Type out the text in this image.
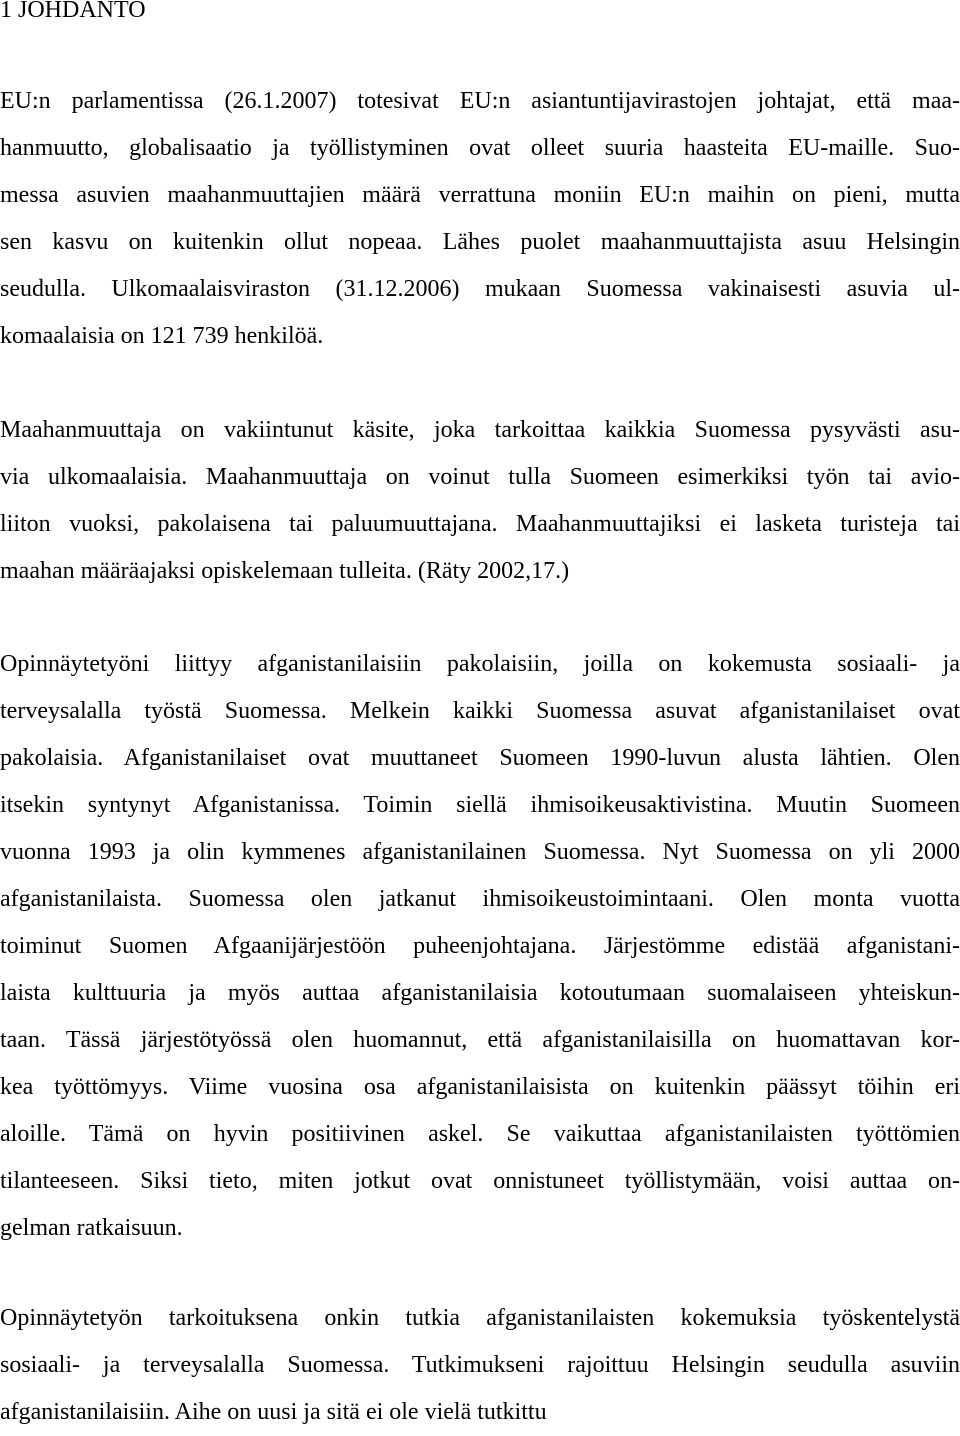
1 JOHDANTO
EU:n parlamentissa (26.1.2007) totesivat EU:n asiantuntijavirastojen johtajat, että maa-
hanmuutto, globalisaatio ja työllistyminen ovat olleet suuria haasteita EU-maille. Suo-
messa asuvien maahanmuuttajien määrä verrattuna moniin EU:n maihin on pieni, mutta
sen kasvu on kuitenkin ollut nopeaa. Lähes puolet maahanmuuttajista asuu Helsingin
seudulla. Ulkomaalaisviraston (31.12.2006) mukaan Suomessa vakinaisesti asuvia ul-
komaalaisia on 121 739 henkilöä.
Maahanmuuttaja on vakiintunut käsite, joka tarkoittaa kaikkia Suomessa pysyvästi asu-
via ulkomaalaisia. Maahanmuuttaja on voinut tulla Suomeen esimerkiksi työn tai avio-
liiton vuoksi, pakolaisena tai paluumuuttajana. Maahanmuuttajiksi ei lasketa turisteja tai
maahan määräajaksi opiskelemaan tulleita. (Räty 2002,17.)
Opinnäytetyöni liittyy afganistanilaisiin pakolaisiin, joilla on kokemusta sosiaali- ja
terveysalalla työstä Suomessa. Melkein kaikki Suomessa asuvat afganistanilaiset ovat
pakolaisia. Afganistanilaiset ovat muuttaneet Suomeen 1990-luvun alusta lähtien. Olen
itsekin syntynyt Afganistanissa. Toimin siellä ihmisoikeusaktivistina. Muutin Suomeen
vuonna 1993 ja olin kymmenes afganistanilainen Suomessa. Nyt Suomessa on yli 2000
afganistanilaista. Suomessa olen jatkanut ihmisoikeustoimintaani. Olen monta vuotta
toiminut Suomen Afgaanijärjestöön puheenjohtajana. Järjestömme edistää afganistani-
laista kulttuuria ja myös auttaa afganistanilaisia kotoutumaan suomalaiseen yhteiskun-
taan. Tässä järjestötyössä olen huomannut, että afganistanilaisilla on huomattavan kor-
kea työttömyys. Viime vuosina osa afganistanilaisista on kuitenkin päässyt töihin eri
aloille. Tämä on hyvin positiivinen askel. Se vaikuttaa afganistanilaisten työttömien
tilanteeseen. Siksi tieto, miten jotkut ovat onnistuneet työllistymään, voisi auttaa on-
gelman ratkaisuun.
Opinnäytetyön tarkoituksena onkin tutkia afganistanilaisten kokemuksia työskentelystä
sosiaali- ja terveysalalla Suomessa. Tutkimukseni rajoittuu Helsingin seudulla asuviin
afganistanilaisiin. Aihe on uusi ja sitä ei ole vielä tutkittu
